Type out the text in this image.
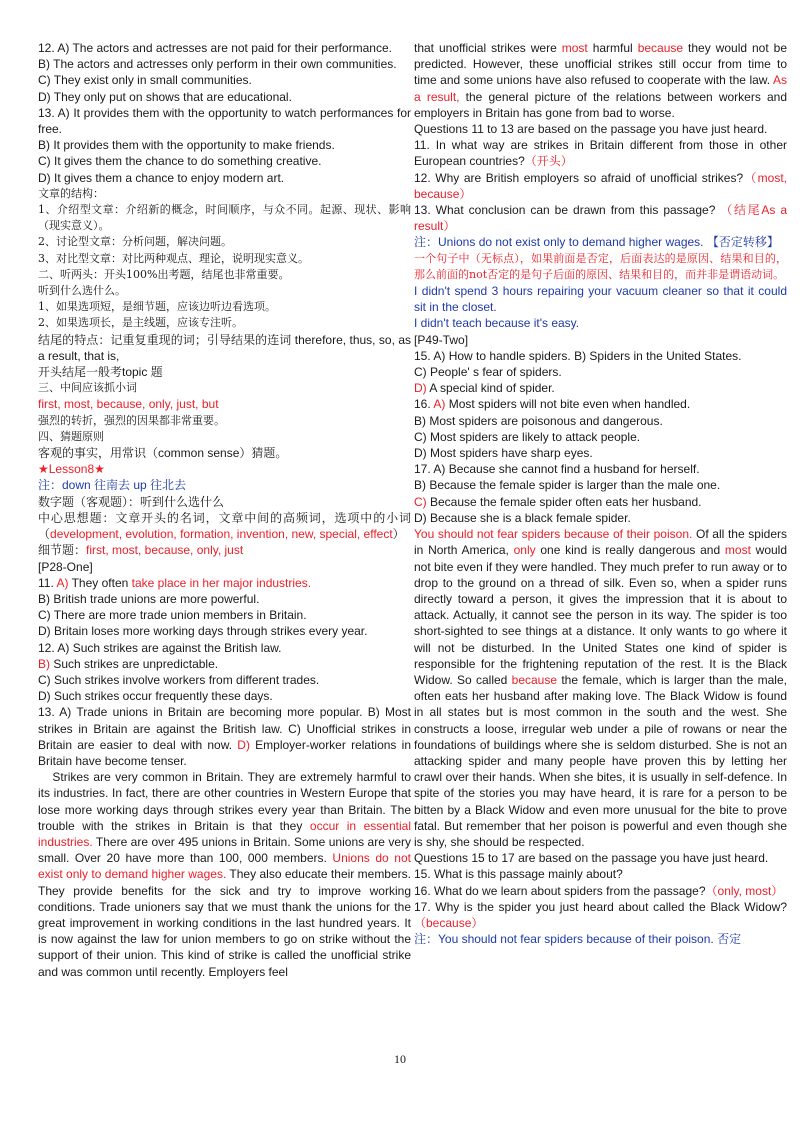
12. A) The actors and actresses are not paid for their performance.

B) The actors and actresses only perform in their own communities.

C) They exist only in small communities.

D) They only put on shows that are educational.

13. A) It provides them with the opportunity to watch performances for free.

B) It provides them with the opportunity to make friends.

C) It gives them the chance to do something creative.

D) It gives them a chance to enjoy modern art.

文章的结构：

1、介绍型文章：介绍新的概念，时间顺序，与众不同。起源、现状、影响（现实意义）。

2、讨论型文章：分析问题，解决问题。

3、对比型文章：对比两种观点、理论，说明现实意义。

二、听两头：开头100%出考题，结尾也非常重要。

听到什么选什么。

1、如果选项短，是细节题，应该边听边看选项。

2、如果选项长，是主线题，应该专注听。

结尾的特点：记重复重现的词；引导结果的连词 therefore, thus, so, as a result, that is,

开头结尾一般考topic 题

三、中间应该抓小词

first, most, because, only, just, but

强烈的转折，强烈的因果都非常重要。

四、猜题原则

客观的事实，用常识（common sense）猜题。

★Lesson8★

注：down 往南去 up 往北去

数字题（客观题）：听到什么选什么

中心思想题：文章开头的名词，文章中间的高频词，选项中的小词（development, evolution, formation, invention, new, special, effect）

细节题：first, most, because, only, just

[P28-One]

11. A) They often take place in her major industries.

B) British trade unions are more powerful.

C) There are more trade union members in Britain.

D) Britain loses more working days through strikes every year.

12. A) Such strikes are against the British law.

B) Such strikes are unpredictable.

C) Such strikes involve workers from different trades.

D) Such strikes occur frequently these days.

13. A) Trade unions in Britain are becoming more popular. B) Most strikes in Britain are against the British law. C) Unofficial strikes in Britain are easier to deal with now. D) Employer-worker relations in Britain have become tenser.

Strikes are very common in Britain. They are extremely harmful to its industries. In fact, there are other countries in Western Europe that lose more working days through strikes every year than Britain. The trouble with the strikes in Britain is that they occur in essential industries. There are over 495 unions in Britain. Some unions are very small. Over 20 have more than 100, 000 members. Unions do not exist only to demand higher wages. They also educate their members. They provide benefits for the sick and try to improve working conditions. Trade unioners say that we must thank the unions for the great improvement in working conditions in the last hundred years. It is now against the law for union members to go on strike without the support of their union. This kind of strike is called the unofficial strike and was common until recently. Employers feel

that unofficial strikes were most harmful because they would not be predicted. However, these unofficial strikes still occur from time to time and some unions have also refused to cooperate with the law. As a result, the general picture of the relations between workers and employers in Britain has gone from bad to worse.

Questions 11 to 13 are based on the passage you have just heard.

11. In what way are strikes in Britain different from those in other European countries?（开头）

12. Why are British employers so afraid of unofficial strikes?（most, because）

13. What conclusion can be drawn from this passage? （结尾As a result）

注：Unions do not exist only to demand higher wages. 【否定转移】

一个句子中（无标点），如果前面是否定，后面表达的是原因、结果和目的，那么前面的not否定的是句子后面的原因、结果和目的，而并非是谓语动词。

I didn't spend 3 hours repairing your vacuum cleaner so that it could sit in the closet.

I didn't teach because it's easy.

[P49-Two]

15. A) How to handle spiders. B) Spiders in the United States.

C) People' s fear of spiders.

D) A special kind of spider.

16. A) Most spiders will not bite even when handled.

B) Most spiders are poisonous and dangerous.

C) Most spiders are likely to attack people.

D) Most spiders have sharp eyes.

17. A) Because she cannot find a husband for herself.

B) Because the female spider is larger than the male one.

C) Because the female spider often eats her husband.

D) Because she is a black female spider.

You should not fear spiders because of their poison. Of all the spiders in North America, only one kind is really dangerous and most would not bite even if they were handled. They much prefer to run away or to drop to the ground on a thread of silk. Even so, when a spider runs directly toward a person, it gives the impression that it is about to attack. Actually, it cannot see the person in its way. The spider is too short-sighted to see things at a distance. It only wants to go where it will not be disturbed. In the United States one kind of spider is responsible for the frightening reputation of the rest. It is the Black Widow. So called because the female, which is larger than the male, often eats her husband after making love. The Black Widow is found in all states but is most common in the south and the west. She constructs a loose, irregular web under a pile of rowans or near the foundations of buildings where she is seldom disturbed. She is not an attacking spider and many people have proven this by letting her crawl over their hands. When she bites, it is usually in self-defence. In spite of the stories you may have heard, it is rare for a person to be bitten by a Black Widow and even more unusual for the bite to prove fatal. But remember that her poison is powerful and even though she is shy, she should be respected.

Questions 15 to 17 are based on the passage you have just heard.

15. What is this passage mainly about?

16. What do we learn about spiders from the passage?（only, most）

17. Why is the spider you just heard about called the Black Widow?（because）

注：You should not fear spiders because of their poison. 否定

10
